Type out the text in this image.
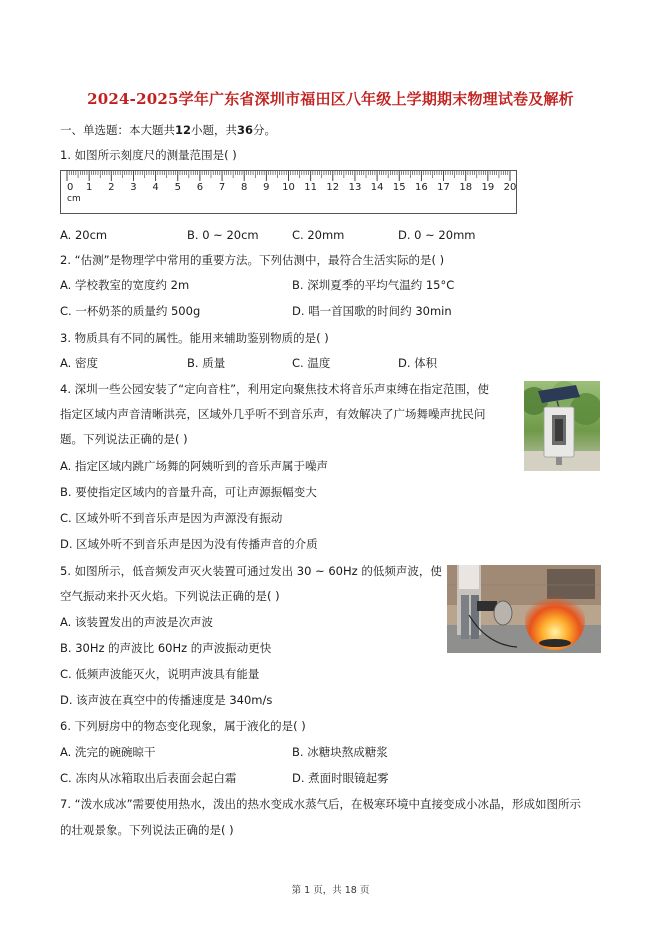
2024-2025学年广东省深圳市福田区八年级上学期期末物理试卷及解析
一、单选题：本大题共12小题，共36分。
1. 如图所示刻度尺的测量范围是( )
0 1 2 3 4 5 6 7 8 9 10 11 12 13 14 15 16 17 18 19 20
cm
A. 20cm	B. 0 ~ 20cm	C. 20mm	D. 0 ~ 20mm
2. “估测”是物理学中常用的重要方法。下列估测中，最符合生活实际的是( )
A. 学校教室的宽度约 2m	B. 深圳夏季的平均气温约 15°C
C. 一杯奶茶的质量约 500g	D. 唱一首国歌的时间约 30min
3. 物质具有不同的属性。能用来辅助鉴别物质的是( )
A. 密度	B. 质量	C. 温度	D. 体积
4. 深圳一些公园安装了“定向音柱”，利用定向聚焦技术将音乐声束缚在指定范围，使
指定区域内声音清晰洪亮，区域外几乎听不到音乐声，有效解决了广场舞噪声扰民问
题。下列说法正确的是( )
A. 指定区域内跳广场舞的阿姨听到的音乐声属于噪声
B. 要使指定区域内的音量升高，可让声源振幅变大
C. 区域外听不到音乐声是因为声源没有振动
D. 区域外听不到音乐声是因为没有传播声音的介质
5. 如图所示，低音频发声灭火装置可通过发出 30 ~ 60Hz 的低频声波，使
空气振动来扑灭火焰。下列说法正确的是( )
A. 该装置发出的声波是次声波
B. 30Hz 的声波比 60Hz 的声波振动更快
C. 低频声波能灭火，说明声波具有能量
D. 该声波在真空中的传播速度是 340m/s
6. 下列厨房中的物态变化现象，属于液化的是( )
A. 洗完的碗碗晾干	B. 冰糖块熬成糖浆
C. 冻肉从冰箱取出后表面会起白霜	D. 煮面时眼镜起雾
7. “泼水成冰”需要使用热水，泼出的热水变成水蒸气后，在极寒环境中直接变成小冰晶，形成如图所示
的壮观景象。下列说法正确的是( )
第 1 页，共 18 页
